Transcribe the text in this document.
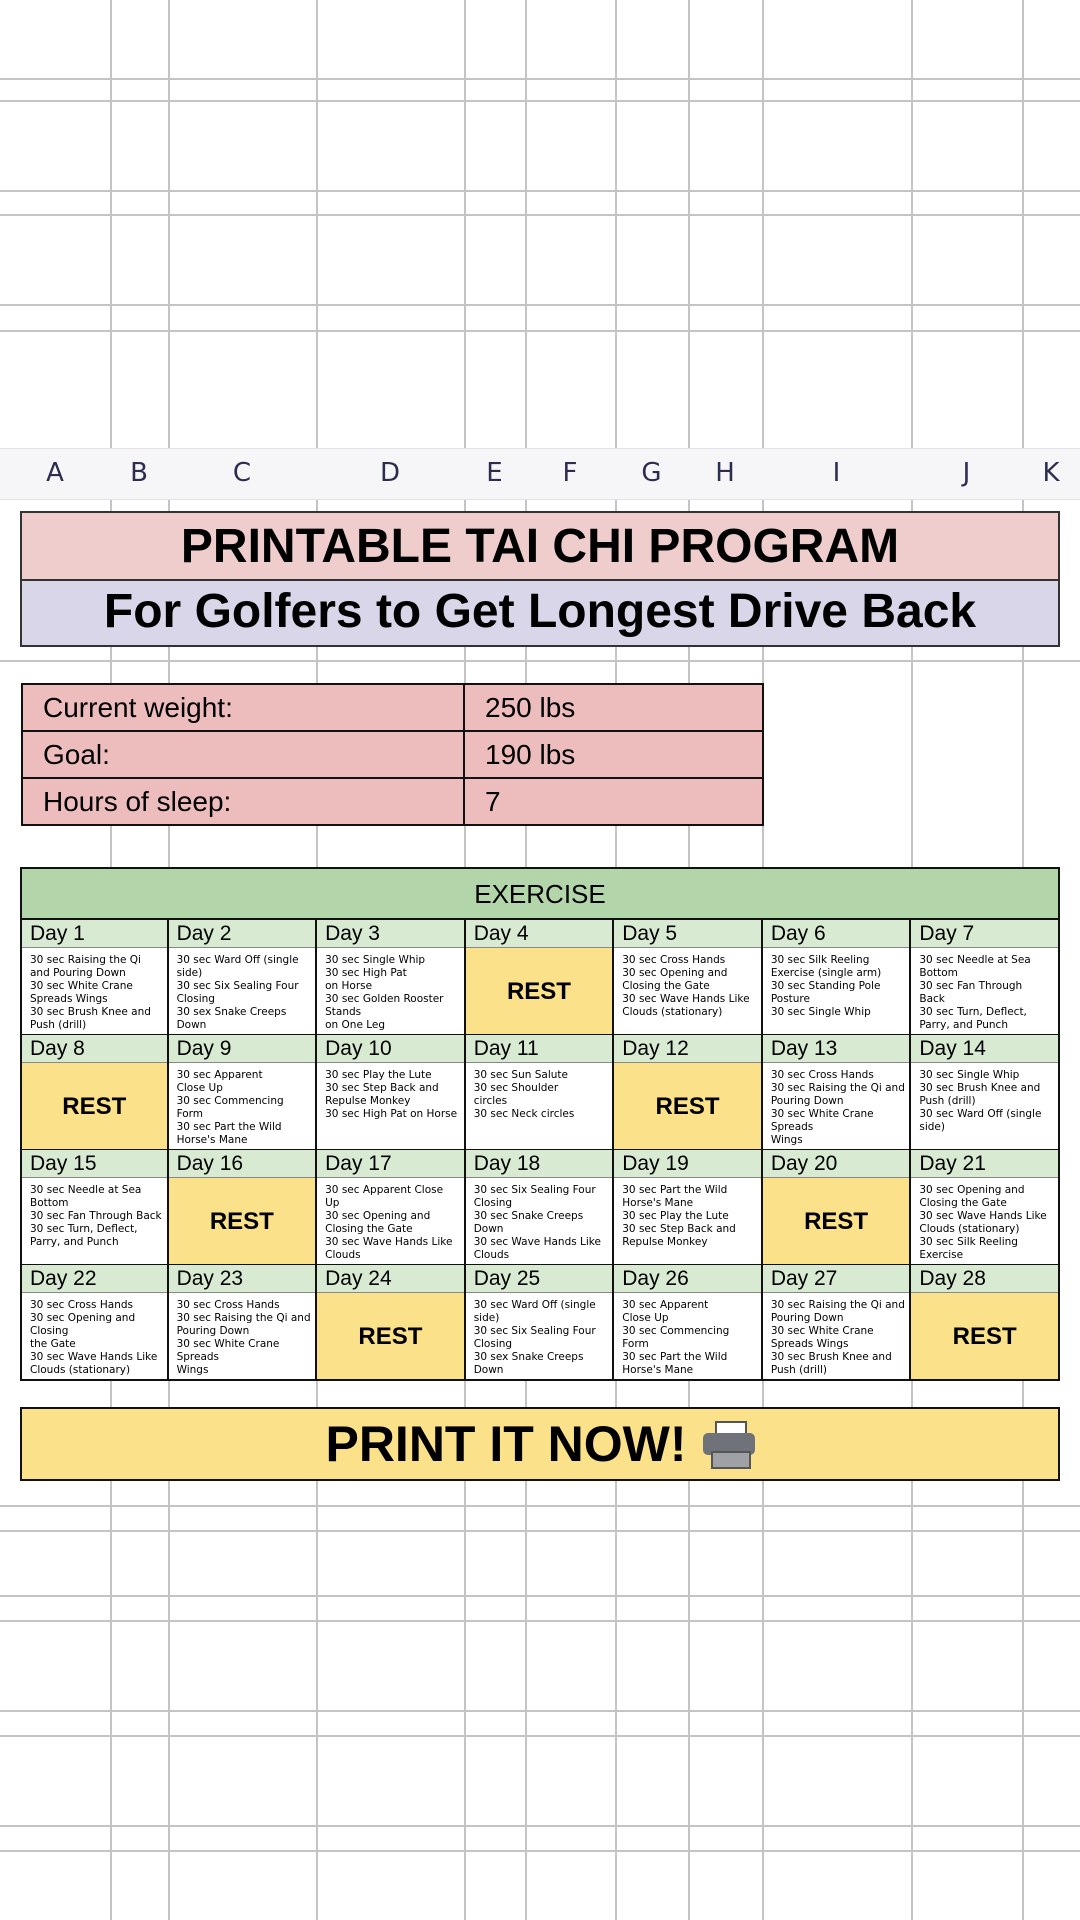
A	B	C	D	E	F	G	H	I	J	K
PRINTABLE TAI CHI PROGRAM
For Golfers to Get Longest Drive Back
Current weight:	250 lbs
Goal:	190 lbs
Hours of sleep:	7
EXERCISE
Day 1
30 sec Raising the Qi
and Pouring Down
30 sec White Crane
Spreads Wings
30 sec Brush Knee and
Push (drill)
Day 2
30 sec Ward Off (single
side)
30 sec Six Sealing Four
Closing
30 sex Snake Creeps
Down
Day 3
30 sec Single Whip
30 sec High Pat
on Horse
30 sec Golden Rooster
Stands
on One Leg
Day 4
REST
Day 5
30 sec Cross Hands
30 sec Opening and
Closing the Gate
30 sec Wave Hands Like
Clouds (stationary)
Day 6
30 sec Silk Reeling
Exercise (single arm)
30 sec Standing Pole
Posture
30 sec Single Whip
Day 7
30 sec Needle at Sea
Bottom
30 sec Fan Through
Back
30 sec Turn, Deflect,
Parry, and Punch
Day 8
REST
Day 9
30 sec Apparent
Close Up
30 sec Commencing Form
30 sec Part the Wild
Horse's Mane
Day 10
30 sec Play the Lute
30 sec Step Back and
Repulse Monkey
30 sec High Pat on Horse
Day 11
30 sec Sun Salute
30 sec Shoulder
circles
30 sec Neck circles
Day 12
REST
Day 13
30 sec Cross Hands
30 sec Raising the Qi and
Pouring Down
30 sec White Crane Spreads
Wings
Day 14
30 sec Single Whip
30 sec Brush Knee and
Push (drill)
30 sec Ward Off (single
side)
Day 15
30 sec Needle at Sea
Bottom
30 sec Fan Through Back
30 sec Turn, Deflect,
Parry, and Punch
Day 16
REST
Day 17
30 sec Apparent Close Up
30 sec Opening and
Closing the Gate
30 sec Wave Hands Like
Clouds
Day 18
30 sec Six Sealing Four
Closing
30 sec Snake Creeps
Down
30 sec Wave Hands Like
Clouds
Day 19
30 sec Part the Wild
Horse's Mane
30 sec Play the Lute
30 sec Step Back and
Repulse Monkey
Day 20
REST
Day 21
30 sec Opening and
Closing the Gate
30 sec Wave Hands Like
Clouds (stationary)
30 sec Silk Reeling
Exercise
Day 22
30 sec Cross Hands
30 sec Opening and Closing
the Gate
30 sec Wave Hands Like
Clouds (stationary)
Day 23
30 sec Cross Hands
30 sec Raising the Qi and
Pouring Down
30 sec White Crane Spreads
Wings
Day 24
REST
Day 25
30 sec Ward Off (single
side)
30 sec Six Sealing Four
Closing
30 sex Snake Creeps
Down
Day 26
30 sec Apparent
Close Up
30 sec Commencing
Form
30 sec Part the Wild
Horse's Mane
Day 27
30 sec Raising the Qi and
Pouring Down
30 sec White Crane
Spreads Wings
30 sec Brush Knee and
Push (drill)
Day 28
REST
PRINT IT NOW!
